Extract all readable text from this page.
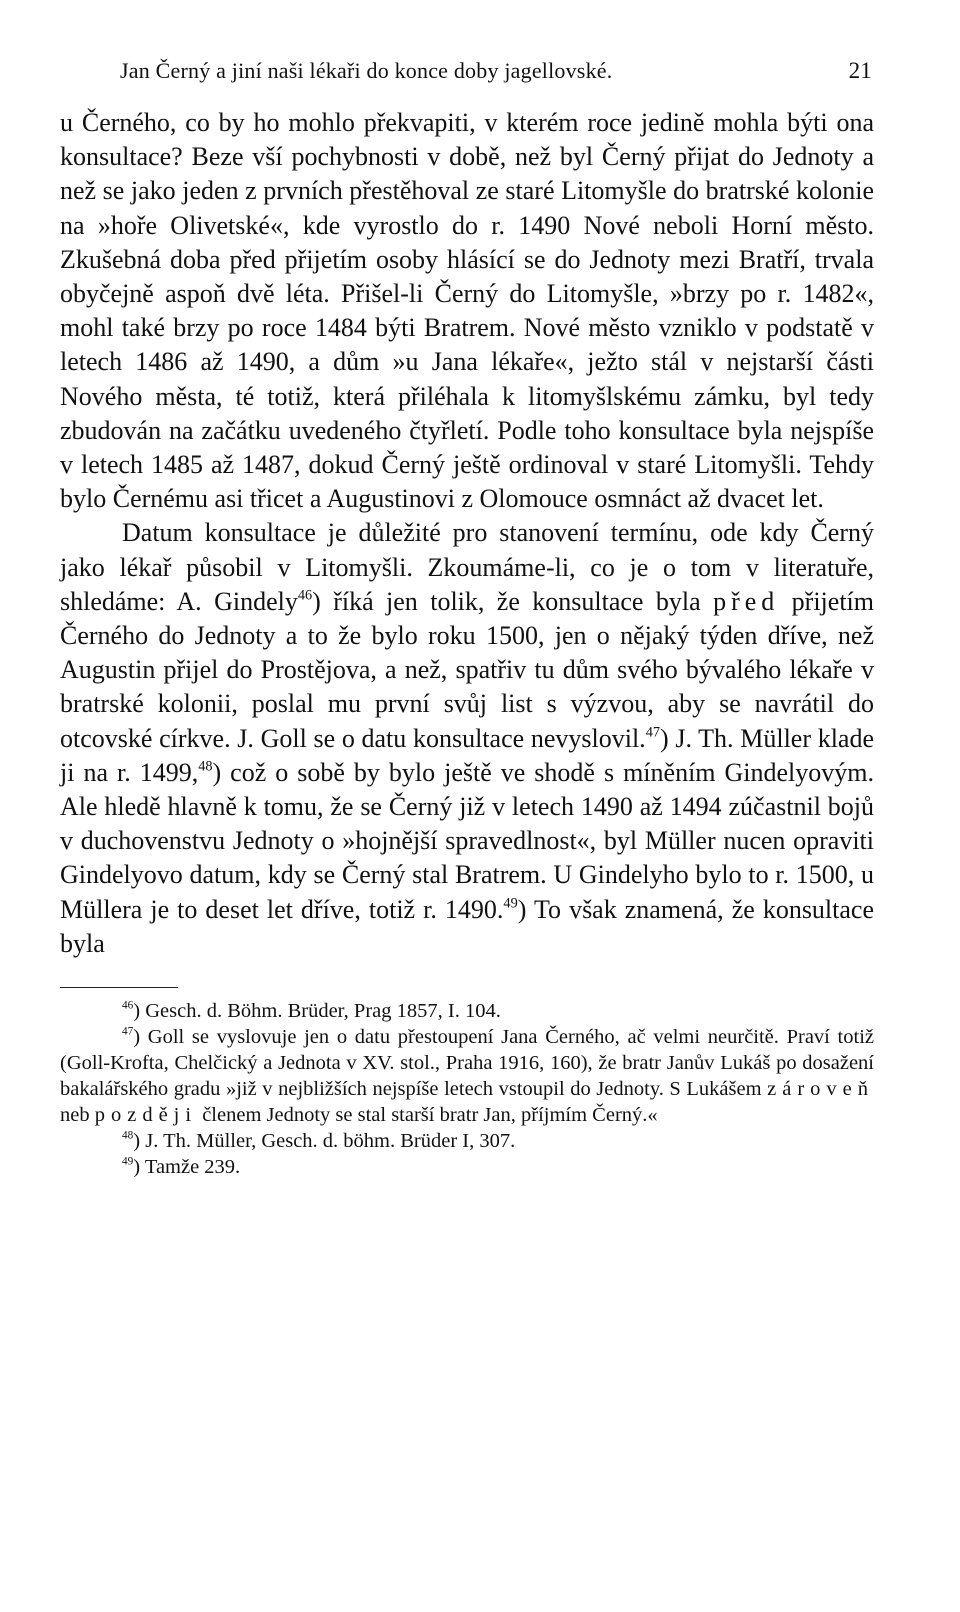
Jan Černý a jiní naši lékaři do konce doby jagellovské.	21

u Černého, co by ho mohlo překvapiti, v kterém roce jedině mohla býti ona konsultace? Beze vší pochybnosti v době, než byl Černý přijat do Jednoty a než se jako jeden z prvních přestěhoval ze staré Litomyšle do bratrské kolonie na »hoře Olivetské«, kde vyrostlo do r. 1490 Nové neboli Horní město. Zkušebná doba před přijetím osoby hlásící se do Jednoty mezi Bratří, trvala obyčejně aspoň dvě léta. Přišel-li Černý do Litomyšle, »brzy po r. 1482«, mohl také brzy po roce 1484 býti Bratrem. Nové město vzniklo v podstatě v letech 1486 až 1490, a dům »u Jana lékaře«, ježto stál v nejstarší části Nového města, té totiž, která přiléhala k litomyšlskému zámku, byl tedy zbudován na začátku uvedeného čtyřletí. Podle toho konsultace byla nejspíše v letech 1485 až 1487, dokud Černý ještě ordinoval v staré Litomyšli. Tehdy bylo Černému asi třicet a Augustinovi z Olomouce osmnáct až dvacet let.

Datum konsultace je důležité pro stanovení termínu, ode kdy Černý jako lékař působil v Litomyšli. Zkoumáme-li, co je o tom v literatuře, shledáme: A. Gindely$^{46}$) říká jen tolik, že konsultace byla před přijetím Černého do Jednoty a to že bylo roku 1500, jen o nějaký týden dříve, než Augustin přijel do Prostějova, a než, spatřiv tu dům svého bývalého lékaře v bratrské kolonii, poslal mu první svůj list s výzvou, aby se navrátil do otcovské církve. J. Goll se o datu konsultace nevyslovil.$^{47}$) J. Th. Müller klade ji na r. 1499,48) což o sobě by bylo ještě ve shodě s míněním Gindelyovým. Ale hledě hlavně k tomu, že se Černý již v letech 1490 až 1494 zúčastnil bojů v duchovenstvu Jednoty o »hojnější spravedlnost«, byl Müller nucen opraviti Gindelyovo datum, kdy se Černý stal Bratrem. U Gindelyho bylo to r. 1500, u Müllera je to deset let dříve, totiž r. 1490.49) To však znamená, že konsultace byla

$^{46}$) Gesch. d. Böhm. Brüder, Prag 1857, I. 104.

$^{47}$) Goll se vyslovuje jen o datu přestoupení Jana Černého, ač velmi neurčitě. Praví totiž (Goll-Krofta, Chelčický a Jednota v XV. stol., Praha 1916, 160), že bratr Janův Lukáš po dosažení bakalářského gradu »již v nejbližších nejspíše letech vstoupil do Jednoty. S Lukášem zároveň neb později členem Jednoty se stal starší bratr Jan, příjmím Černý.«

$^{48}$) J. Th. Müller, Gesch. d. böhm. Brüder I, 307.

$^{49}$) Tamže 239.
